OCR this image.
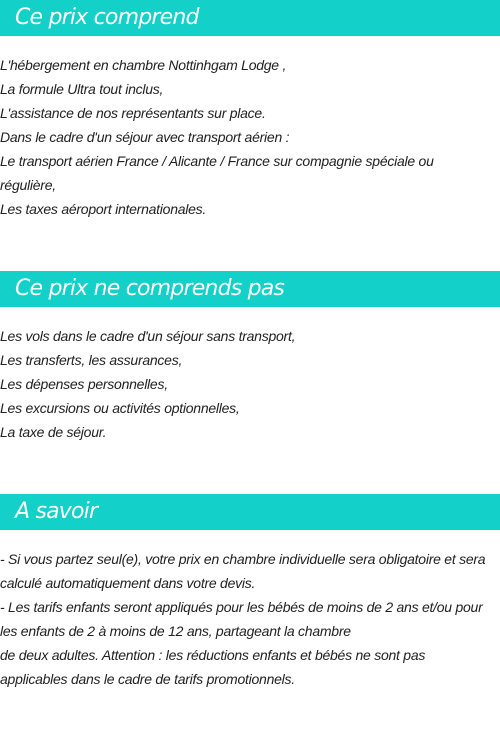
Ce prix comprend
L'hébergement en chambre Nottinhgam Lodge ,
La formule Ultra tout inclus,
L'assistance de nos représentants sur place.
Dans le cadre d'un séjour avec transport aérien :
Le transport aérien France / Alicante / France sur compagnie spéciale ou régulière,
Les taxes aéroport internationales.
Ce prix ne comprends pas
Les vols dans le cadre d'un séjour sans transport,
Les transferts, les assurances,
Les dépenses personnelles,
Les excursions ou activités optionnelles,
La taxe de séjour.
A savoir
- Si vous partez seul(e), votre prix en chambre individuelle sera obligatoire et sera calculé automatiquement dans votre devis.
- Les tarifs enfants seront appliqués pour les bébés de moins de 2 ans et/ou pour les enfants de 2 à moins de 12 ans, partageant la chambre
de deux adultes. Attention : les réductions enfants et bébés ne sont pas applicables dans le cadre de tarifs promotionnels.
